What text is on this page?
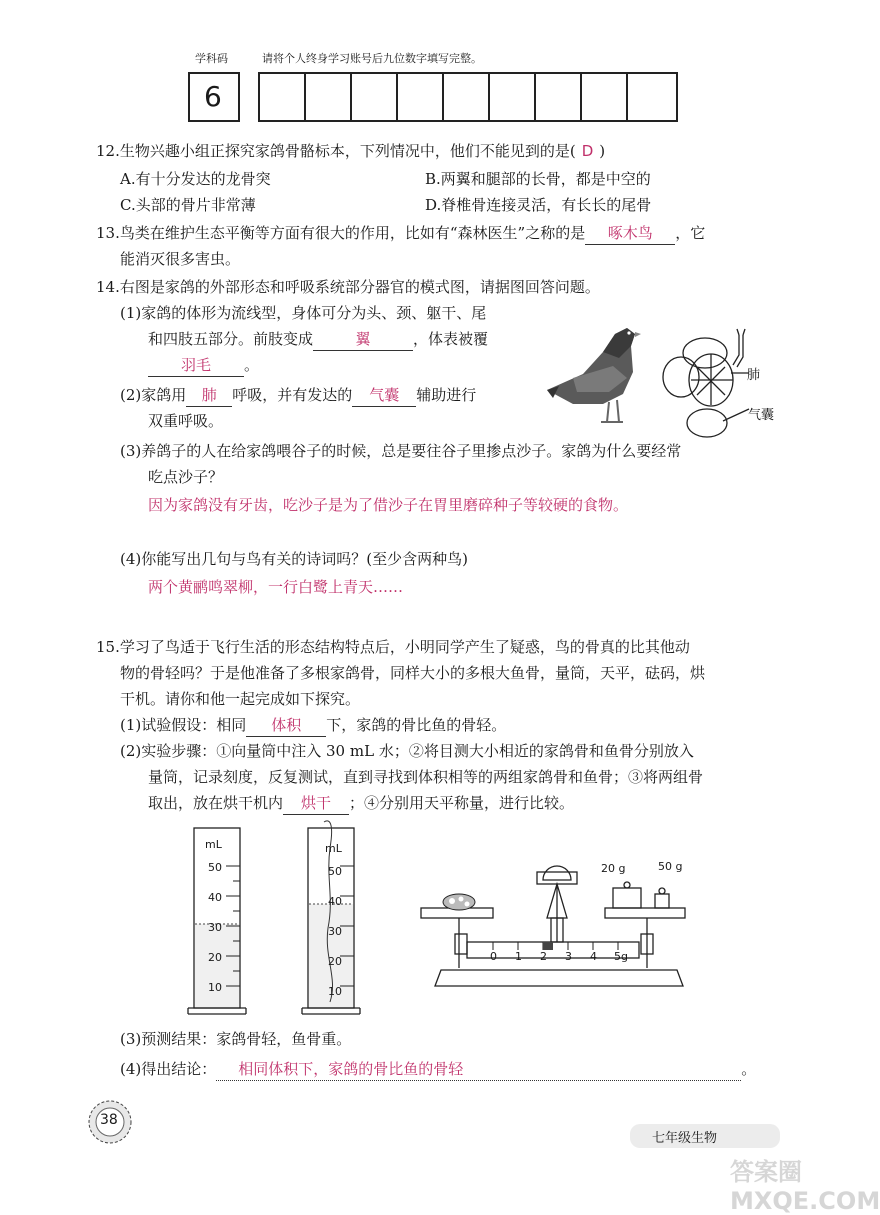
学科码	请将个人终身学习账号后九位数字填写完整。
6
12.生物兴趣小组正探究家鸽骨骼标本，下列情况中，他们不能见到的是( D )
A.有十分发达的龙骨突	B.两翼和腿部的长骨，都是中空的
C.头部的骨片非常薄	D.脊椎骨连接灵活，有长长的尾骨
13.鸟类在维护生态平衡等方面有很大的作用，比如有“森林医生”之称的是 啄木鸟 ，它
能消灭很多害虫。
14.右图是家鸽的外部形态和呼吸系统部分器官的模式图，请据图回答问题。
(1)家鸽的体形为流线型，身体可分为头、颈、躯干、尾
和四肢五部分。前肢变成	翼	，体表被覆
羽毛 。
(2)家鸽用 肺 呼吸，并有发达的 气囊 辅助进行
双重呼吸。
肺
气囊
(3)养鸽子的人在给家鸽喂谷子的时候，总是要往谷子里掺点沙子。家鸽为什么要经常
吃点沙子？
因为家鸽没有牙齿，吃沙子是为了借沙子在胃里磨碎种子等较硬的食物。
(4)你能写出几句与鸟有关的诗词吗？(至少含两种鸟)
两个黄鹂鸣翠柳，一行白鹭上青天……
15.学习了鸟适于飞行生活的形态结构特点后，小明同学产生了疑惑，鸟的骨真的比其他动
物的骨轻吗？于是他准备了多根家鸽骨，同样大小的多根大鱼骨，量筒，天平，砝码，烘
干机。请你和他一起完成如下探究。
(1)试验假设：相同 体积 下，家鸽的骨比鱼的骨轻。
(2)实验步骤：①向量筒中注入 30 mL 水；②将目测大小相近的家鸽骨和鱼骨分别放入
量筒，记录刻度，反复测试，直到寻找到体积相等的两组家鸽骨和鱼骨；③将两组骨
取出，放在烘干机内 烘干 ；④分别用天平称量，进行比较。
mL
50
40
30
20
10
mL
50
40
30
20
10
0 1 2 3 4 5g
20 g	50 g
(3)预测结果：家鸽骨轻，鱼骨重。
(4)得出结论： 相同体积下，家鸽的骨比鱼的骨轻	。
38
七年级生物
答案圈 MXQE.COM
